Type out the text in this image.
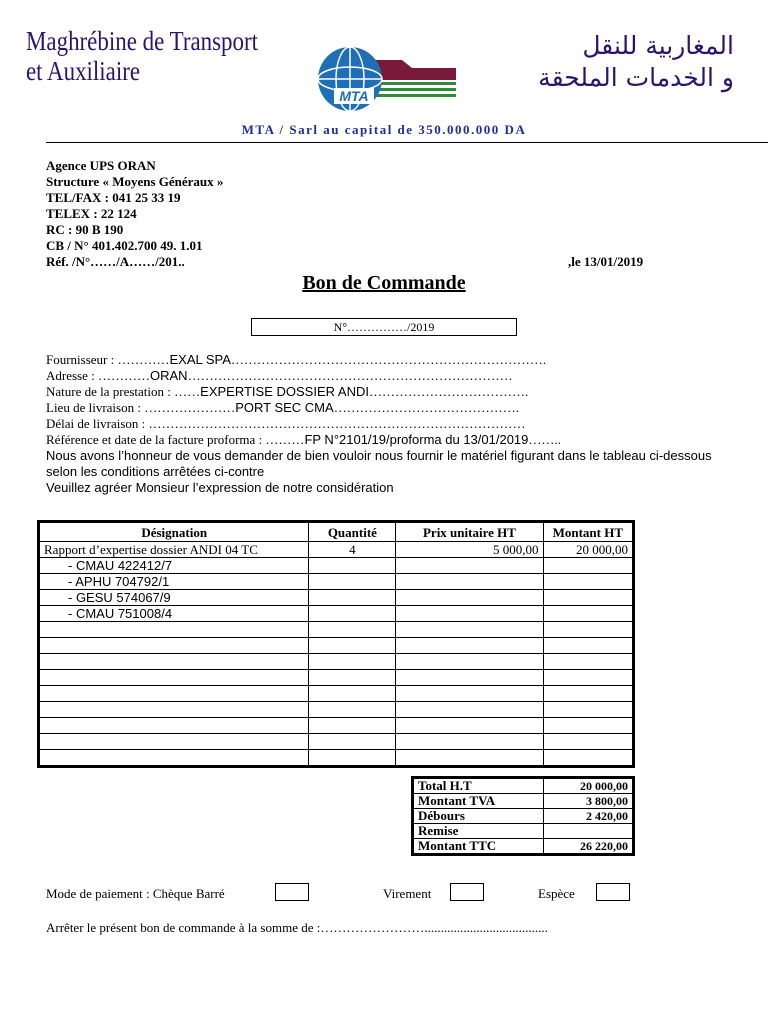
Maghrébine de Transport
et Auxiliaire
MTA
المغاربية للنقل
و الخدمات الملحقة
MTA / Sarl au capital de 350.000.000 DA
Agence UPS ORAN
Structure « Moyens Généraux »
TEL/FAX : 041 25 33 19
TELEX : 22 124
RC : 90 B 190
CB / N° 401.402.700 49. 1.01
Réf. /N°……/A……/201..	,le 13/01/2019
Bon de Commande
N°……………/2019
Fournisseur : …………EXAL SPA……………………………………………………………….
Adresse : …………ORAN…………………………………………………………………
Nature de la prestation : ……EXPERTISE DOSSIER ANDI……………………………….
Lieu de livraison : …………………PORT SEC CMA…………………………………….
Délai de livraison : ……………………………………………………………………………
Référence et date de la facture proforma : ………FP N°2101/19/proforma du 13/01/2019……..
Nous avons l’honneur de vous demander de bien vouloir nous fournir le matériel figurant dans le tableau ci-dessous selon les conditions arrêtées ci-contre
Veuillez agréer Monsieur l’expression de notre considération
Désignation	Quantité	Prix unitaire HT	Montant HT
Rapport d’expertise dossier ANDI 04 TC	4	5 000,00	20 000,00
- CMAU 422412/7			
- APHU 704792/1			
- GESU 574067/9			
- CMAU 751008/4			

Total H.T	20 000,00
Montant TVA	3 800,00
Débours	2 420,00
Remise	
Montant TTC	26 220,00
Mode de paiement : Chèque Barré	Virement	Espèce
Arrêter le présent bon de commande à la somme de :……………………......................................
